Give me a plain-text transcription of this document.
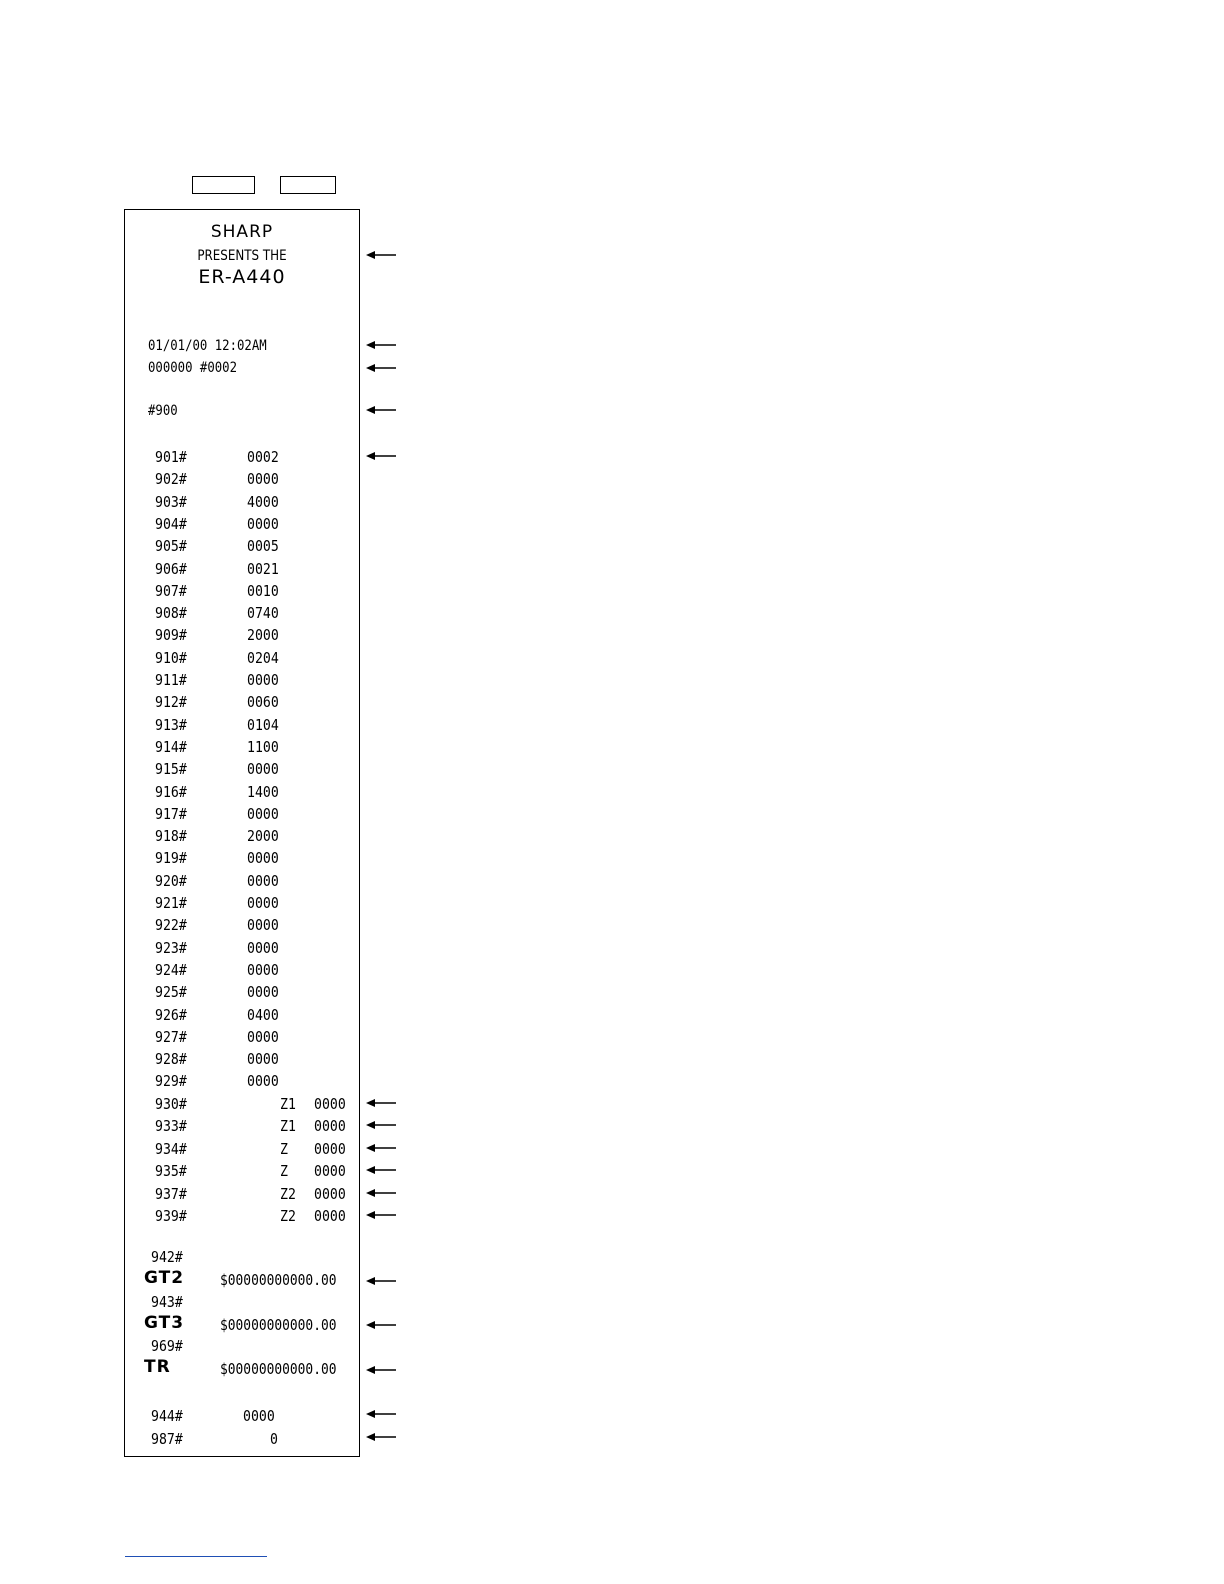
SHARP
PRESENTS THE
ER-A440
01/01/00 12:02AM
000000 #0002
#900
901#	0002
902#	0000
903#	4000
904#	0000
905#	0005
906#	0021
907#	0010
908#	0740
909#	2000
910#	0204
911#	0000
912#	0060
913#	0104
914#	1100
915#	0000
916#	1400
917#	0000
918#	2000
919#	0000
920#	0000
921#	0000
922#	0000
923#	0000
924#	0000
925#	0000
926#	0400
927#	0000
928#	0000
929#	0000
930#	Z1 0000
933#	Z1 0000
934#	Z 0000
935#	Z 0000
937#	Z2 0000
939#	Z2 0000
942#
GT2 $00000000000.00
943#
GT3 $00000000000.00
969#
TR	$00000000000.00
944#	0000
987#	0
